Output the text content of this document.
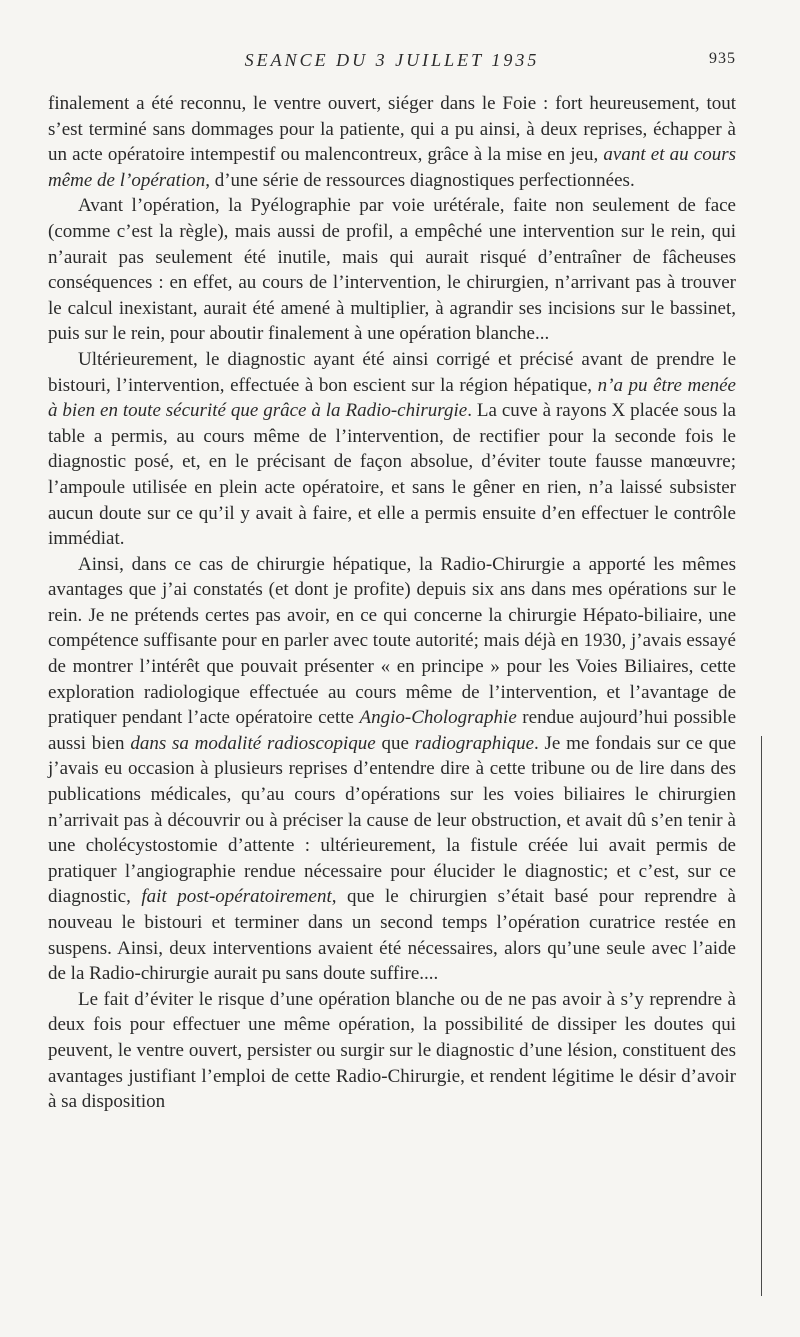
SEANCE DU 3 JUILLET 1935	935

finalement a été reconnu, le ventre ouvert, siéger dans le Foie : fort heureusement, tout s’est terminé sans dommages pour la patiente, qui a pu ainsi, à deux reprises, échapper à un acte opératoire intempestif ou malencontreux, grâce à la mise en jeu, avant et au cours même de l’opération, d’une série de ressources diagnostiques perfectionnées.

Avant l’opération, la Pyélographie par voie urétérale, faite non seulement de face (comme c’est la règle), mais aussi de profil, a empêché une intervention sur le rein, qui n’aurait pas seulement été inutile, mais qui aurait risqué d’entraîner de fâcheuses conséquences : en effet, au cours de l’intervention, le chirurgien, n’arrivant pas à trouver le calcul inexistant, aurait été amené à multiplier, à agrandir ses incisions sur le bassinet, puis sur le rein, pour aboutir finalement à une opération blanche...

Ultérieurement, le diagnostic ayant été ainsi corrigé et précisé avant de prendre le bistouri, l’intervention, effectuée à bon escient sur la région hépatique, n’a pu être menée à bien en toute sécurité que grâce à la Radio-chirurgie. La cuve à rayons X placée sous la table a permis, au cours même de l’intervention, de rectifier pour la seconde fois le diagnostic posé, et, en le précisant de façon absolue, d’éviter toute fausse manœuvre; l’ampoule utilisée en plein acte opératoire, et sans le gêner en rien, n’a laissé subsister aucun doute sur ce qu’il y avait à faire, et elle a permis ensuite d’en effectuer le contrôle immédiat.

Ainsi, dans ce cas de chirurgie hépatique, la Radio-Chirurgie a apporté les mêmes avantages que j’ai constatés (et dont je profite) depuis six ans dans mes opérations sur le rein. Je ne prétends certes pas avoir, en ce qui concerne la chirurgie Hépato-biliaire, une compétence suffisante pour en parler avec toute autorité; mais déjà en 1930, j’avais essayé de montrer l’intérêt que pouvait présenter « en principe » pour les Voies Biliaires, cette exploration radiologique effectuée au cours même de l’intervention, et l’avantage de pratiquer pendant l’acte opératoire cette Angio-Cholographie rendue aujourd’hui possible aussi bien dans sa modalité radioscopique que radiographique. Je me fondais sur ce que j’avais eu occasion à plusieurs reprises d’entendre dire à cette tribune ou de lire dans des publications médicales, qu’au cours d’opérations sur les voies biliaires le chirurgien n’arrivait pas à découvrir ou à préciser la cause de leur obstruction, et avait dû s’en tenir à une cholécystostomie d’attente : ultérieurement, la fistule créée lui avait permis de pratiquer l’angiographie rendue nécessaire pour élucider le diagnostic; et c’est, sur ce diagnostic, fait post-opératoirement, que le chirurgien s’était basé pour reprendre à nouveau le bistouri et terminer dans un second temps l’opération curatrice restée en suspens. Ainsi, deux interventions avaient été nécessaires, alors qu’une seule avec l’aide de la Radio-chirurgie aurait pu sans doute suffire....

Le fait d’éviter le risque d’une opération blanche ou de ne pas avoir à s’y reprendre à deux fois pour effectuer une même opération, la possibilité de dissiper les doutes qui peuvent, le ventre ouvert, persister ou surgir sur le diagnostic d’une lésion, constituent des avantages justifiant l’emploi de cette Radio-Chirurgie, et rendent légitime le désir d’avoir à sa disposition
